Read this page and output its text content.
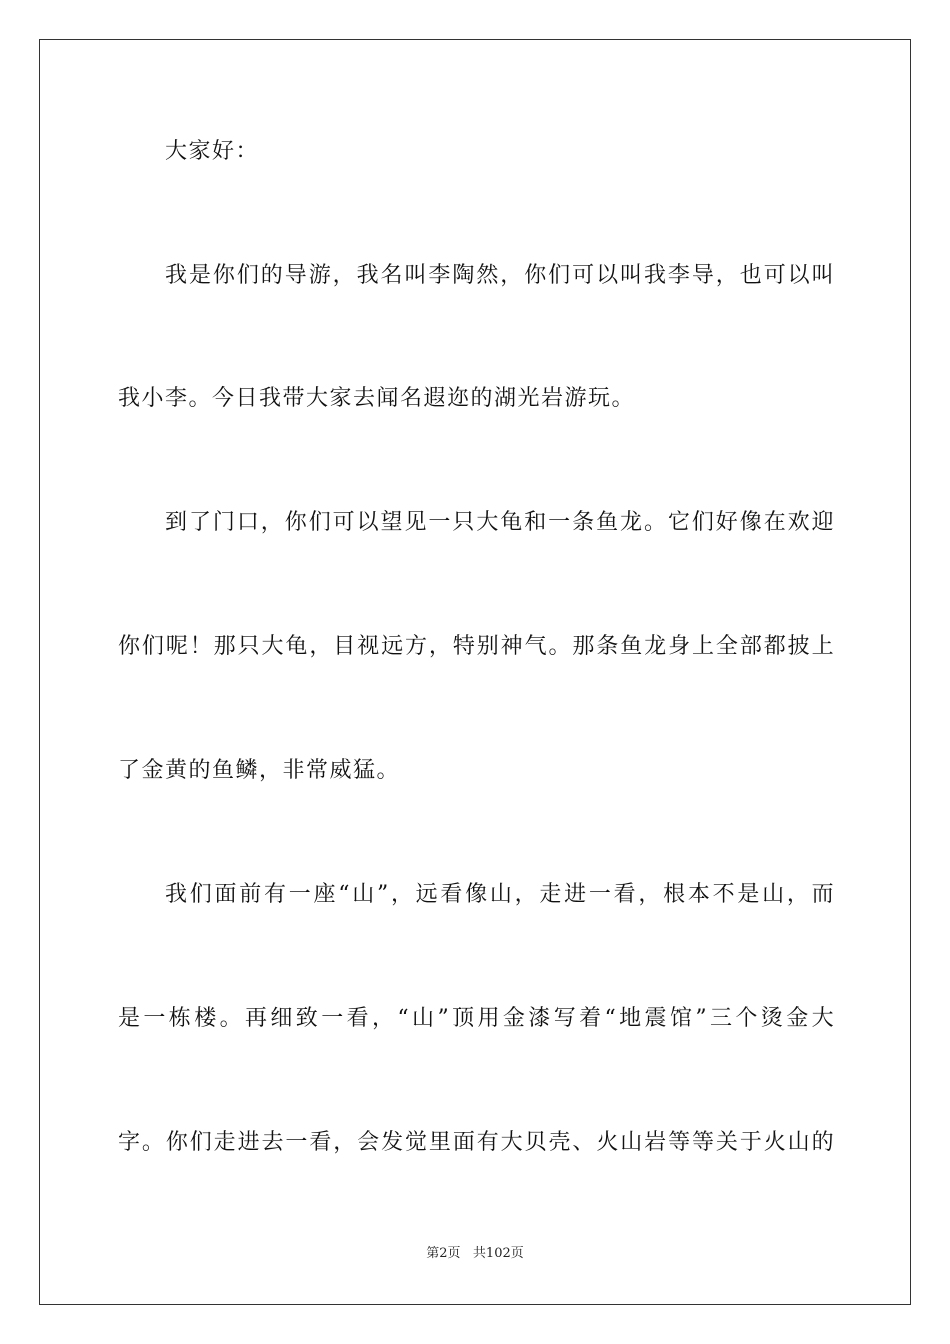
大家好：
我是你们的导游，我名叫李陶然，你们可以叫我李导，也可以叫
我小李。今日我带大家去闻名遐迩的湖光岩游玩。
到了门口，你们可以望见一只大龟和一条鱼龙。它们好像在欢迎
你们呢！那只大龟，目视远方，特别神气。那条鱼龙身上全部都披上
了金黄的鱼鳞，非常威猛。
我们面前有一座“山”，远看像山，走进一看，根本不是山，而
是一栋楼。再细致一看，“山”顶用金漆写着“地震馆”三个烫金大
字。你们走进去一看，会发觉里面有大贝壳、火山岩等等关于火山的
第2页 共102页
